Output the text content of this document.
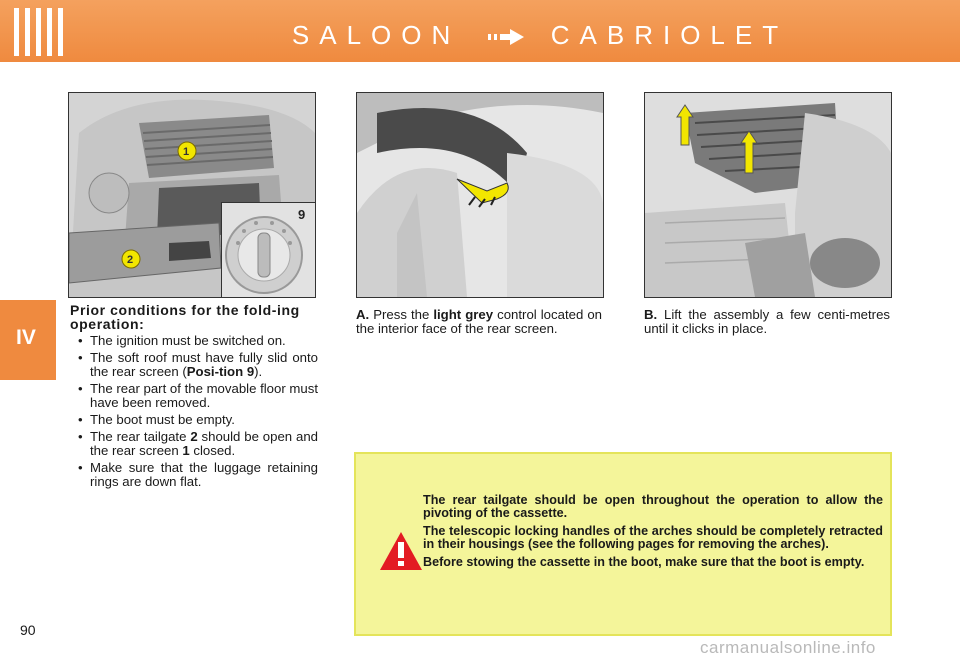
SALOON	CABRIOLET
IV
1
2
9
Prior conditions for the fold-ing operation:
• The ignition must be switched on.
• The soft roof must have fully slid onto the rear screen (Posi-tion 9).
• The rear part of the movable floor must have been removed.
• The boot must be empty.
• The rear tailgate 2 should be open and the rear screen 1 closed.
• Make sure that the luggage retaining rings are down flat.
A. Press the light grey control located on the interior face of the rear screen.
B. Lift the assembly a few centi-metres until it clicks in place.

The rear tailgate should be open throughout the operation to allow the pivoting of the cassette.

The telescopic locking handles of the arches should be completely retracted in their housings (see the following pages for removing the arches).

Before stowing the cassette in the boot, make sure that the boot is empty.

90
carmanualsonline.info
